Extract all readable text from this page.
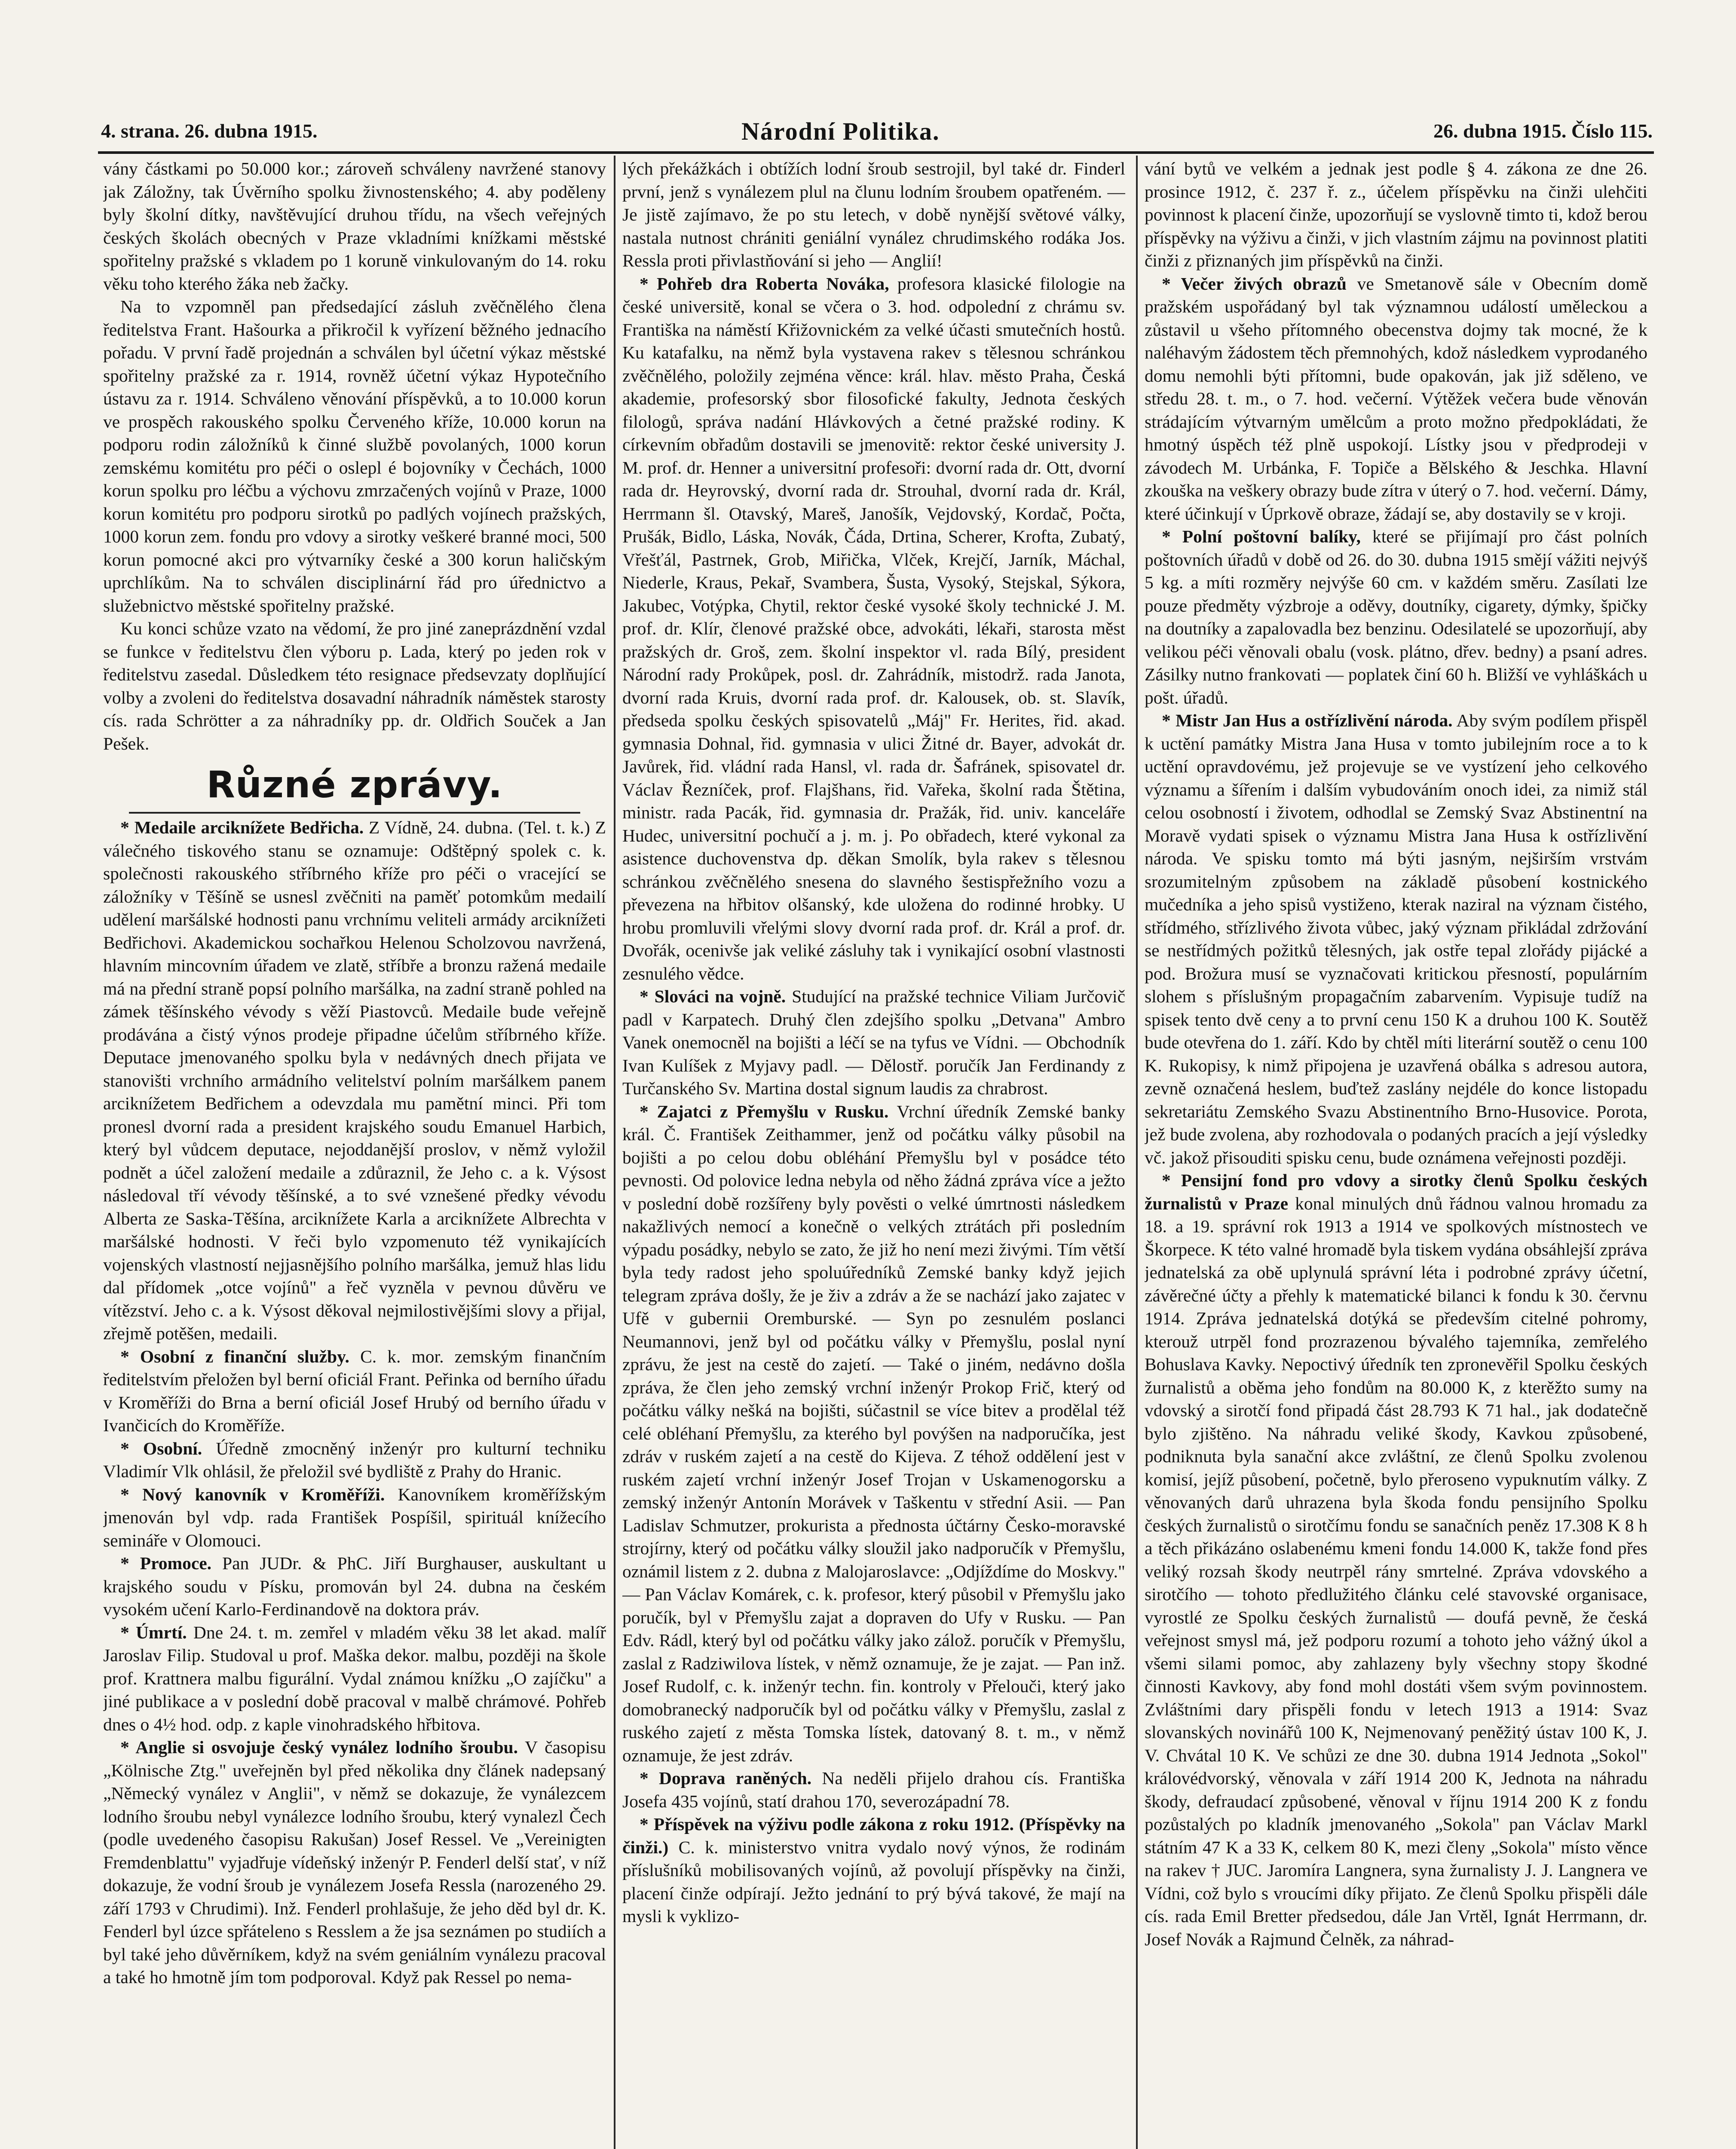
4. strana. 26. dubna 1915.	Národní Politika.	26. dubna 1915. Číslo 115.

vány částkami po 50.000 kor.; zároveň schváleny navržené stanovy jak Záložny, tak Úvěrního spolku živnostenského; 4. aby poděleny byly školní dítky, navštěvující druhou třídu, na všech veřejných českých školách obecných v Praze vkladními knížkami městské spořitelny pražské s vkladem po 1 koruně vinkulovaným do 14. roku věku toho kterého žáka neb žačky.

Na to vzpomněl pan předsedající zásluh zvěčnělého člena ředitelstva Frant. Hašourka a přikročil k vyřízení běžného jednacího pořadu. V první řadě projednán a schválen byl účetní výkaz městské spořitelny pražské za r. 1914, rovněž účetní výkaz Hypotečního ústavu za r. 1914. Schváleno věnování příspěvků, a to 10.000 korun ve prospěch rakouského spolku Červeného kříže, 10.000 korun na podporu rodin záložníků k činné službě povolaných, 1000 korun zemskému komitétu pro péči o oslepl é bojovníky v Čechách, 1000 korun spolku pro léčbu a výchovu zmrzačených vojínů v Praze, 1000 korun komitétu pro podporu sirotků po padlých vojínech pražských, 1000 korun zem. fondu pro vdovy a sirotky veškeré branné moci, 500 korun pomocné akci pro výtvarníky české a 300 korun haličským uprchlíkům. Na to schválen disciplinární řád pro úřednictvo a služebnictvo městské spořitelny pražské.

Ku konci schůze vzato na vědomí, že pro jiné zaneprázdnění vzdal se funkce v ředitelstvu člen výboru p. Lada, který po jeden rok v ředitelstvu zasedal. Důsledkem této resignace předsevzaty doplňující volby a zvoleni do ředitelstva dosavadní náhradník náměstek starosty cís. rada Schrötter a za náhradníky pp. dr. Oldřich Souček a Jan Pešek.

Různé zprávy.

* Medaile arciknížete Bedřicha. Z Vídně, 24. dubna. (Tel. t. k.) Z válečného tiskového stanu se oznamuje: Odštěpný spolek c. k. společnosti rakouského stříbrného kříže pro péči o vracející se záložníky v Těšíně se usnesl zvěčniti na paměť potomkům medailí udělení maršálské hodnosti panu vrchnímu veliteli armády arciknížeti Bedřichovi. Akademickou sochařkou Helenou Scholzovou navržená, hlavním mincovním úřadem ve zlatě, stříbře a bronzu ražená medaile má na přední straně popsí polního maršálka, na zadní straně pohled na zámek těšínského vévody s věží Piastovců. Medaile bude veřejně prodávána a čistý výnos prodeje připadne účelům stříbrného kříže. Deputace jmenovaného spolku byla v nedávných dnech přijata ve stanovišti vrchního armádního velitelství polním maršálkem panem arciknížetem Bedřichem a odevzdala mu pamětní minci. Při tom pronesl dvorní rada a president krajského soudu Emanuel Harbich, který byl vůdcem deputace, nejoddanější proslov, v němž vyložil podnět a účel založení medaile a zdůraznil, že Jeho c. a k. Výsost následoval tří vévody těšínské, a to své vznešené předky vévodu Alberta ze Saska-Těšína, arciknížete Karla a arciknížete Albrechta v maršálské hodnosti. V řeči bylo vzpomenuto též vynikajících vojenských vlastností nejjasnějšího polního maršálka, jemuž hlas lidu dal přídomek „otce vojínů" a řeč vyzněla v pevnou důvěru ve vítězství. Jeho c. a k. Výsost děkoval nejmilostivějšími slovy a přijal, zřejmě potěšen, medaili.

* Osobní z finanční služby. C. k. mor. zemským finančním ředitelstvím přeložen byl berní oficiál Frant. Peřinka od berního úřadu v Kroměříži do Brna a berní oficiál Josef Hrubý od berního úřadu v Ivančicích do Kroměříže.

* Osobní. Úředně zmocněný inženýr pro kulturní techniku Vladimír Vlk ohlásil, že přeložil své bydliště z Prahy do Hranic.

* Nový kanovník v Kroměříži. Kanovníkem kroměřížským jmenován byl vdp. rada František Pospíšil, spirituál knížecího semináře v Olomouci.

* Promoce. Pan JUDr. & PhC. Jiří Burghauser, auskultant u krajského soudu v Písku, promován byl 24. dubna na českém vysokém učení Karlo-Ferdinandově na doktora práv.

* Úmrtí. Dne 24. t. m. zemřel v mladém věku 38 let akad. malíř Jaroslav Filip. Studoval u prof. Maška dekor. malbu, později na škole prof. Krattnera malbu figurální. Vydal známou knížku „O zajíčku" a jiné publikace a v poslední době pracoval v malbě chrámové. Pohřeb dnes o 4½ hod. odp. z kaple vinohradského hřbitova.

* Anglie si osvojuje český vynález lodního šroubu. V časopisu „Kölnische Ztg." uveřejněn byl před několika dny článek nadepsaný „Německý vynález v Anglii", v němž se dokazuje, že vynálezcem lodního šroubu nebyl vynálezce lodního šroubu, který vynalezl Čech (podle uvedeného časopisu Rakušan) Josef Ressel. Ve „Vereinigten Fremdenblattu" vyjadřuje vídeňský inženýr P. Fenderl delší stať, v níž dokazuje, že vodní šroub je vynálezem Josefa Ressla (narozeného 29. září 1793 v Chrudimi). Inž. Fenderl prohlašuje, že jeho děd byl dr. K. Fenderl byl úzce spřáteleno s Resslem a že jsa seznámen po studiích a byl také jeho důvěrníkem, když na svém geniálním vynálezu pracoval a také ho hmotně jím tom podporoval. Když pak Ressel po nema-

lých překážkách i obtížích lodní šroub sestrojil, byl také dr. Finderl první, jenž s vynálezem plul na člunu lodním šroubem opatřeném. — Je jistě zajímavo, že po stu letech, v době nynější světové války, nastala nutnost chrániti geniální vynález chrudimského rodáka Jos. Ressla proti přivlastňování si jeho — Anglií!

* Pohřeb dra Roberta Nováka, profesora klasické filologie na české universitě, konal se včera o 3. hod. odpolední z chrámu sv. Františka na náměstí Křižovnickém za velké účasti smutečních hostů. Ku katafalku, na němž byla vystavena rakev s tělesnou schránkou zvěčnělého, položily zejména věnce: král. hlav. město Praha, Česká akademie, profesorský sbor filosofické fakulty, Jednota českých filologů, správa nadání Hlávkových a četné pražské rodiny. K církevním obřadům dostavili se jmenovitě: rektor české university J. M. prof. dr. Henner a universitní profesoři: dvorní rada dr. Ott, dvorní rada dr. Heyrovský, dvorní rada dr. Strouhal, dvorní rada dr. Král, Herrmann šl. Otavský, Mareš, Janošík, Vejdovský, Kordač, Počta, Prušák, Bidlo, Láska, Novák, Čáda, Drtina, Scherer, Krofta, Zubatý, Vřešťál, Pastrnek, Grob, Miřička, Vlček, Krejčí, Jarník, Máchal, Niederle, Kraus, Pekař, Svambera, Šusta, Vysoký, Stejskal, Sýkora, Jakubec, Votýpka, Chytil, rektor české vysoké školy technické J. M. prof. dr. Klír, členové pražské obce, advokáti, lékaři, starosta měst pražských dr. Groš, zem. školní inspektor vl. rada Bílý, president Národní rady Prokůpek, posl. dr. Zahrádník, mistodrž. rada Janota, dvorní rada Kruis, dvorní rada prof. dr. Kalousek, ob. st. Slavík, předseda spolku českých spisovatelů „Máj" Fr. Herites, řid. akad. gymnasia Dohnal, řid. gymnasia v ulici Žitné dr. Bayer, advokát dr. Javůrek, řid. vládní rada Hansl, vl. rada dr. Šafránek, spisovatel dr. Václav Řezníček, prof. Flajšhans, řid. Vařeka, školní rada Štětina, ministr. rada Pacák, řid. gymnasia dr. Pražák, řid. univ. kanceláře Hudec, universitní pochučí a j. m. j. Po obřadech, které vykonal za asistence duchovenstva dp. děkan Smolík, byla rakev s tělesnou schránkou zvěčnělého snesena do slavného šestispřežního vozu a převezena na hřbitov olšanský, kde uložena do rodinné hrobky. U hrobu promluvili vřelými slovy dvorní rada prof. dr. Král a prof. dr. Dvořák, ocenivše jak veliké zásluhy tak i vynikající osobní vlastnosti zesnulého vědce.

* Slováci na vojně. Studující na pražské technice Viliam Jurčovič padl v Karpatech. Druhý člen zdejšího spolku „Detvana" Ambro Vanek onemocněl na bojišti a léčí se na tyfus ve Vídni. — Obchodník Ivan Kulíšek z Myjavy padl. — Dělostř. poručík Jan Ferdinandy z Turčanského Sv. Martina dostal signum laudis za chrabrost.

* Zajatci z Přemyšlu v Rusku. Vrchní úředník Zemské banky král. Č. František Zeithammer, jenž od počátku války působil na bojišti a po celou dobu obléhání Přemyšlu byl v posádce této pevnosti. Od polovice ledna nebyla od něho žádná zpráva více a ježto v poslední době rozšířeny byly pověsti o velké úmrtnosti následkem nakažlivých nemocí a konečně o velkých ztrátách při posledním výpadu posádky, nebylo se zato, že již ho není mezi živými. Tím větší byla tedy radost jeho spoluúředníků Zemské banky když jejich telegram zpráva došly, že je živ a zdráv a že se nachází jako zajatec v Ufě v gubernii Oremburské. — Syn po zesnulém poslanci Neumannovi, jenž byl od počátku války v Přemyšlu, poslal nyní zprávu, že jest na cestě do zajetí. — Také o jiném, nedávno došla zpráva, že člen jeho zemský vrchní inženýr Prokop Frič, který od počátku války nešká na bojišti, súčastnil se více bitev a prodělal též celé obléhaní Přemyšlu, za kterého byl povýšen na nadporučíka, jest zdráv v ruském zajetí a na cestě do Kijeva. Z téhož oddělení jest v ruském zajetí vrchní inženýr Josef Trojan v Uskamenogorsku a zemský inženýr Antonín Morávek v Taškentu v střední Asii. — Pan Ladislav Schmutzer, prokurista a přednosta účtárny Česko-moravské strojírny, který od počátku války sloužil jako nadporučík v Přemyšlu, oznámil listem z 2. dubna z Malojaroslavce: „Odjíždíme do Moskvy." — Pan Václav Komárek, c. k. profesor, který působil v Přemyšlu jako poručík, byl v Přemyšlu zajat a dopraven do Ufy v Rusku. — Pan Edv. Rádl, který byl od počátku války jako zálož. poručík v Přemyšlu, zaslal z Radziwilova lístek, v němž oznamuje, že je zajat. — Pan inž. Josef Rudolf, c. k. inženýr techn. fin. kontroly v Přelouči, který jako domobranecký nadporučík byl od počátku války v Přemyšlu, zaslal z ruského zajetí z města Tomska lístek, datovaný 8. t. m., v němž oznamuje, že jest zdráv.

* Doprava raněných. Na neděli přijelo drahou cís. Františka Josefa 435 vojínů, statí drahou 170, severozápadní 78.

* Příspěvek na výživu podle zákona z roku 1912. (Příspěvky na činži.) C. k. ministerstvo vnitra vydalo nový výnos, že rodinám příslušníků mobilisovaných vojínů, až povolují příspěvky na činži, placení činže odpírají. Ježto jednání to prý bývá takové, že mají na mysli k vyklizo-

vání bytů ve velkém a jednak jest podle § 4. zákona ze dne 26. prosince 1912, č. 237 ř. z., účelem příspěvku na činži ulehčiti povinnost k placení činže, upozorňují se vyslovně timto ti, kdož berou příspěvky na výživu a činži, v jich vlastním zájmu na povinnost platiti činži z přiznaných jim příspěvků na činži.

* Večer živých obrazů ve Smetanově sále v Obecním domě pražském uspořádaný byl tak významnou událostí uměleckou a zůstavil u všeho přítomného obecenstva dojmy tak mocné, že k naléhavým žádostem těch přemnohých, kdož následkem vyprodaného domu nemohli býti přítomni, bude opakován, jak již sděleno, ve středu 28. t. m., o 7. hod. večerní. Výtěžek večera bude věnován strádajícím výtvarným umělcům a proto možno předpokládati, že hmotný úspěch též plně uspokojí. Lístky jsou v předprodeji v závodech M. Urbánka, F. Topiče a Bělského & Jeschka. Hlavní zkouška na veškery obrazy bude zítra v úterý o 7. hod. večerní. Dámy, které účinkují v Úprkově obraze, žádají se, aby dostavily se v kroji.

* Polní poštovní balíky, které se přijímají pro část polních poštovních úřadů v době od 26. do 30. dubna 1915 smějí vážiti nejvýš 5 kg. a míti rozměry nejvýše 60 cm. v každém směru. Zasílati lze pouze předměty výzbroje a oděvy, doutníky, cigarety, dýmky, špičky na doutníky a zapalovadla bez benzinu. Odesilatelé se upozorňují, aby velikou péči věnovali obalu (vosk. plátno, dřev. bedny) a psaní adres. Zásilky nutno frankovati — poplatek činí 60 h. Bližší ve vyhláškách u pošt. úřadů.

* Mistr Jan Hus a ostřízlivění národa. Aby svým podílem přispěl k uctění památky Mistra Jana Husa v tomto jubilejním roce a to k uctění opravdovému, jež projevuje se ve vystízení jeho celkového významu a šířením i dalším vybudováním onoch idei, za nimiž stál celou osobností i životem, odhodlal se Zemský Svaz Abstinentní na Moravě vydati spisek o významu Mistra Jana Husa k ostřízlivění národa. Ve spisku tomto má býti jasným, nejširším vrstvám srozumitelným způsobem na základě působení kostnického mučedníka a jeho spisů vystiženo, kterak naziral na význam čistého, střídmého, střízlivého života vůbec, jaký význam přikládal zdržování se nestřídmých požitků tělesných, jak ostře tepal zlořády pijácké a pod. Brožura musí se vyznačovati kritickou přesností, populárním slohem s příslušným propagačním zabarvením. Vypisuje tudíž na spisek tento dvě ceny a to první cenu 150 K a druhou 100 K. Soutěž bude otevřena do 1. září. Kdo by chtěl míti literární soutěž o cenu 100 K. Rukopisy, k nimž připojena je uzavřená obálka s adresou autora, zevně označená heslem, buďtež zaslány nejdéle do konce listopadu sekretariátu Zemského Svazu Abstinentního Brno-Husovice. Porota, jež bude zvolena, aby rozhodovala o podaných pracích a její výsledky vč. jakož přisouditi spisku cenu, bude oznámena veřejnosti později.

* Pensijní fond pro vdovy a sirotky členů Spolku českých žurnalistů v Praze konal minulých dnů řádnou valnou hromadu za 18. a 19. správní rok 1913 a 1914 ve spolkových místnostech ve Škorpece. K této valné hromadě byla tiskem vydána obsáhlejší zpráva jednatelská za obě uplynulá správní léta i podrobné zprávy účetní, závěrečné účty a přehly k matematické bilanci k fondu k 30. červnu 1914. Zpráva jednatelská dotýká se především citelné pohromy, kterouž utrpěl fond prozrazenou bývalého tajemníka, zemřelého Bohuslava Kavky. Nepoctivý úředník ten zpronevěřil Spolku českých žurnalistů a oběma jeho fondům na 80.000 K, z kterěžto sumy na vdovský a sirotčí fond připadá část 28.793 K 71 hal., jak dodatečně bylo zjištěno. Na náhradu veliké škody, Kavkou způsobené, podniknuta byla sanační akce zvláštní, ze členů Spolku zvolenou komisí, jejíž působení, početně, bylo přeroseno vypuknutím války. Z věnovaných darů uhrazena byla škoda fondu pensijního Spolku českých žurnalistů o sirotčímu fondu se sanačních peněz 17.308 K 8 h a těch přikázáno oslabenému kmeni fondu 14.000 K, takže fond přes veliký rozsah škody neutrpěl rány smrtelné. Zpráva vdovského a sirotčího — tohoto předlužitého článku celé stavovské organisace, vyrostlé ze Spolku českých žurnalistů — doufá pevně, že česká veřejnost smysl má, jež podporu rozumí a tohoto jeho vážný úkol a všemi silami pomoc, aby zahlazeny byly všechny stopy škodné činnosti Kavkovy, aby fond mohl dostáti všem svým povinnostem. Zvláštními dary přispěli fondu v letech 1913 a 1914: Svaz slovanských novinářů 100 K, Nejmenovaný peněžitý ústav 100 K, J. V. Chvátal 10 K. Ve schůzi ze dne 30. dubna 1914 Jednota „Sokol" královédvorský, věnovala v září 1914 200 K, Jednota na náhradu škody, defraudací způsobené, věnoval v říjnu 1914 200 K z fondu pozůstalých po kladník jmenovaného „Sokola" pan Václav Markl státním 47 K a 33 K, celkem 80 K, mezi členy „Sokola" místo věnce na rakev † JUC. Jaromíra Langnera, syna žurnalisty J. J. Langnera ve Vídni, což bylo s vroucími díky přijato. Ze členů Spolku přispěli dále cís. rada Emil Bretter předsedou, dále Jan Vrtěl, Ignát Herrmann, dr. Josef Novák a Rajmund Čelněk, za náhrad-
